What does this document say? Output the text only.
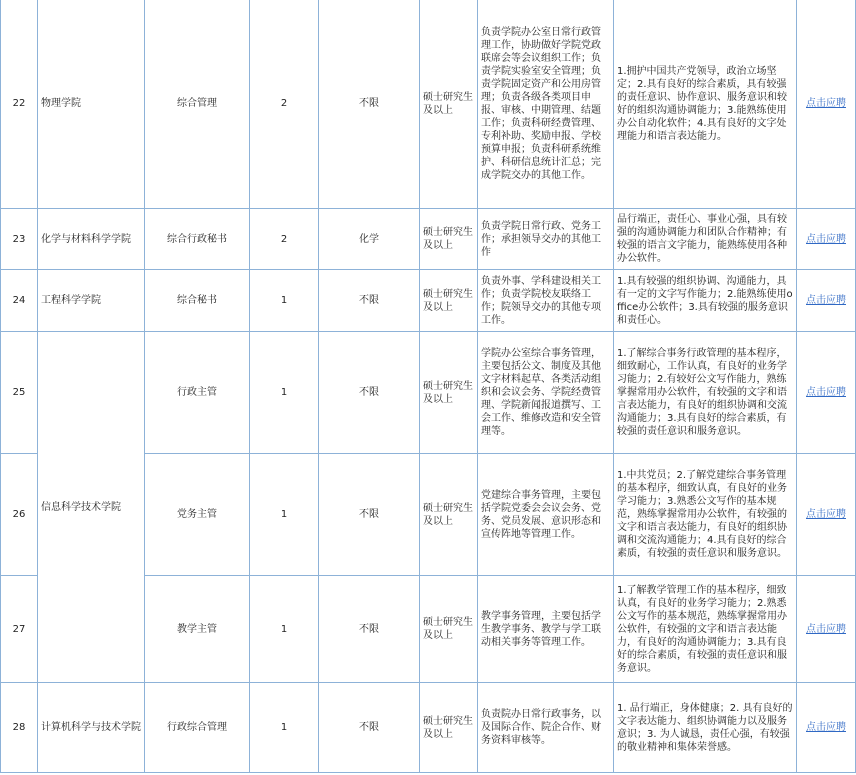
22	物理学院	综合管理	2	不限	硕士研究生及以上	负责学院办公室日常行政管理工作，协助做好学院党政联席会等会议组织工作；负责学院实验室安全管理；负责学院固定资产和公用房管理；负责各级各类项目申报、审核、中期管理、结题工作；负责科研经费管理、专利补助、奖励申报、学校预算申报；负责科研系统维护、科研信息统计汇总；完成学院交办的其他工作。	1.拥护中国共产党领导，政治立场坚定；2.具有良好的综合素质，具有较强的责任意识、协作意识、服务意识和较好的组织沟通协调能力；3.能熟练使用办公自动化软件；4.具有良好的文字处理能力和语言表达能力。	点击应聘
23	化学与材料科学学院	综合行政秘书	2	化学	硕士研究生及以上	负责学院日常行政、党务工作；承担领导交办的其他工作	品行端正，责任心、事业心强，具有较强的沟通协调能力和团队合作精神；有较强的语言文字能力，能熟练使用各种办公软件。	点击应聘
24	工程科学学院	综合秘书	1	不限	硕士研究生及以上	负责外事、学科建设相关工作；负责学院校友联络工作；院领导交办的其他专项工作。	1.具有较强的组织协调、沟通能力，具有一定的文字写作能力；2.能熟练使用office办公软件；3.具有较强的服务意识和责任心。	点击应聘
25	信息科学技术学院	行政主管	1	不限	硕士研究生及以上	学院办公室综合事务管理，主要包括公文、制度及其他文字材料起草、各类活动组织和会议会务、学院经费管理、学院新闻报道撰写、工会工作、维修改造和安全管理等。	1.了解综合事务行政管理的基本程序，细致耐心，工作认真，有良好的业务学习能力；2.有较好公文写作能力，熟练掌握常用办公软件，有较强的文字和语言表达能力，有良好的组织协调和交流沟通能力；3.具有良好的综合素质，有较强的责任意识和服务意识。	点击应聘
26		党务主管	1	不限	硕士研究生及以上	党建综合事务管理，主要包括学院党委会会议会务、党务、党员发展、意识形态和宣传阵地等管理工作。	1.中共党员；2.了解党建综合事务管理的基本程序，细致认真，有良好的业务学习能力；3.熟悉公文写作的基本规范，熟练掌握常用办公软件，有较强的文字和语言表达能力，有良好的组织协调和交流沟通能力；4.具有良好的综合素质，有较强的责任意识和服务意识。	点击应聘
27		教学主管	1	不限	硕士研究生及以上	教学事务管理，主要包括学生教学事务、教学与学工联动相关事务等管理工作。	1.了解教学管理工作的基本程序，细致认真，有良好的业务学习能力；2.熟悉公文写作的基本规范，熟练掌握常用办公软件，有较强的文字和语言表达能力，有良好的沟通协调能力；3.具有良好的综合素质，有较强的责任意识和服务意识。	点击应聘
28	计算机科学与技术学院	行政综合管理	1	不限	硕士研究生及以上	负责院办日常行政事务，以及国际合作、院企合作、财务资料审核等。	1. 品行端正，身体健康；2. 具有良好的文字表达能力、组织协调能力以及服务意识；3. 为人诚恳，责任心强，有较强的敬业精神和集体荣誉感。	点击应聘
